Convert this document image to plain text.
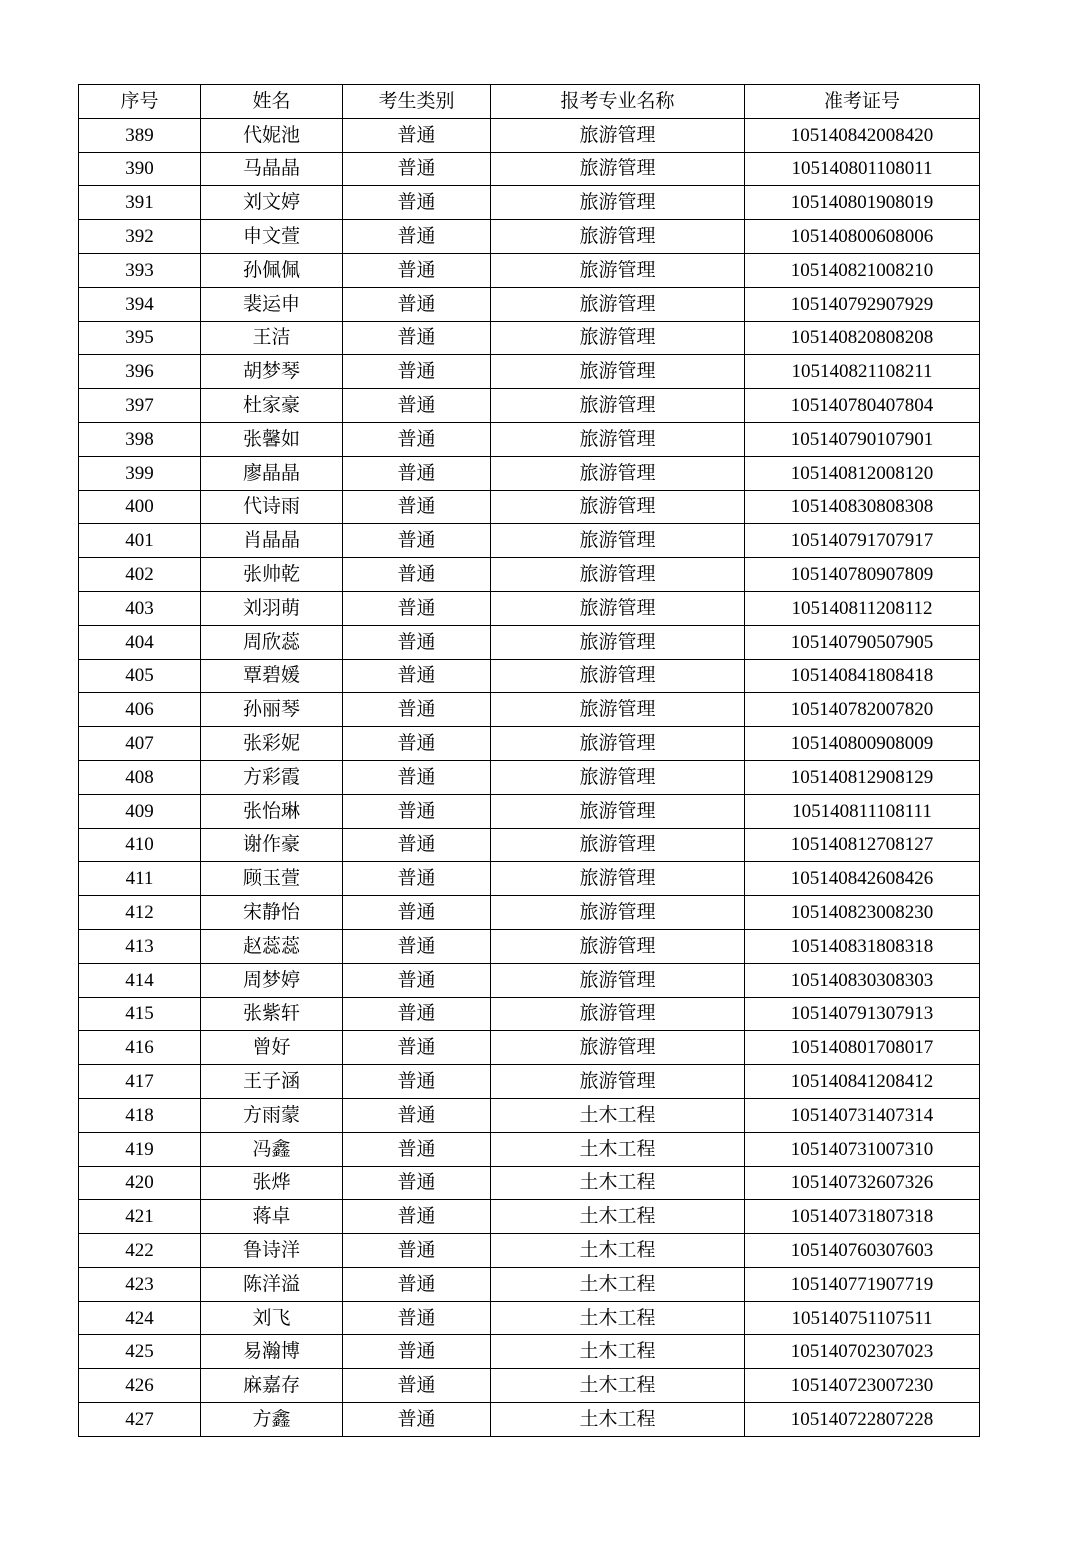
序号	姓名	考生类别	报考专业名称	准考证号
389	代妮池	普通	旅游管理	105140842008420
390	马晶晶	普通	旅游管理	105140801108011
391	刘文婷	普通	旅游管理	105140801908019
392	申文萱	普通	旅游管理	105140800608006
393	孙佩佩	普通	旅游管理	105140821008210
394	裴运申	普通	旅游管理	105140792907929
395	王洁	普通	旅游管理	105140820808208
396	胡梦琴	普通	旅游管理	105140821108211
397	杜家豪	普通	旅游管理	105140780407804
398	张馨如	普通	旅游管理	105140790107901
399	廖晶晶	普通	旅游管理	105140812008120
400	代诗雨	普通	旅游管理	105140830808308
401	肖晶晶	普通	旅游管理	105140791707917
402	张帅乾	普通	旅游管理	105140780907809
403	刘羽萌	普通	旅游管理	105140811208112
404	周欣蕊	普通	旅游管理	105140790507905
405	覃碧媛	普通	旅游管理	105140841808418
406	孙丽琴	普通	旅游管理	105140782007820
407	张彩妮	普通	旅游管理	105140800908009
408	方彩霞	普通	旅游管理	105140812908129
409	张怡琳	普通	旅游管理	105140811108111
410	谢作豪	普通	旅游管理	105140812708127
411	顾玉萱	普通	旅游管理	105140842608426
412	宋静怡	普通	旅游管理	105140823008230
413	赵蕊蕊	普通	旅游管理	105140831808318
414	周梦婷	普通	旅游管理	105140830308303
415	张紫轩	普通	旅游管理	105140791307913
416	曾好	普通	旅游管理	105140801708017
417	王子涵	普通	旅游管理	105140841208412
418	方雨蒙	普通	土木工程	105140731407314
419	冯鑫	普通	土木工程	105140731007310
420	张烨	普通	土木工程	105140732607326
421	蒋卓	普通	土木工程	105140731807318
422	鲁诗洋	普通	土木工程	105140760307603
423	陈洋溢	普通	土木工程	105140771907719
424	刘飞	普通	土木工程	105140751107511
425	易瀚博	普通	土木工程	105140702307023
426	麻嘉存	普通	土木工程	105140723007230
427	方鑫	普通	土木工程	105140722807228
